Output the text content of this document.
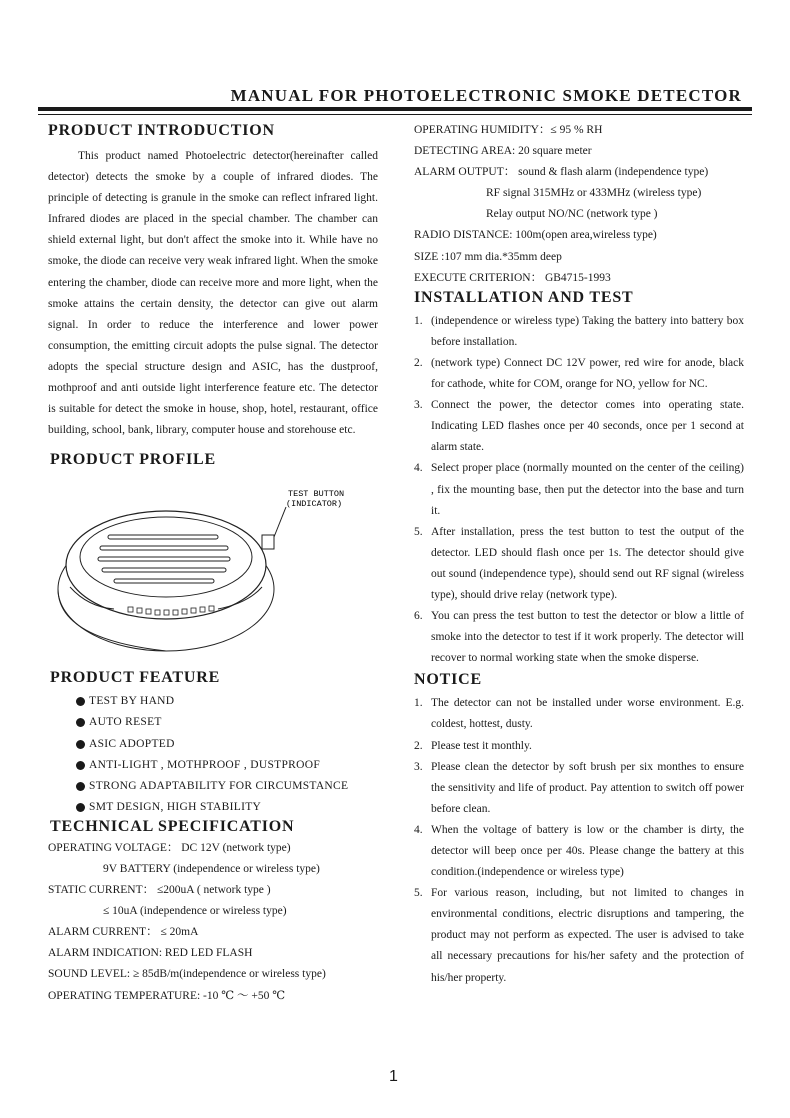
MANUAL FOR PHOTOELECTRONIC SMOKE DETECTOR
PRODUCT INTRODUCTION

This product named Photoelectric detector(hereinafter called detector) detects the smoke by a couple of infrared diodes. The principle of detecting is granule in the smoke can reflect infrared light. Infrared diodes are placed in the special chamber. The chamber can shield external light, but don't affect the smoke into it. While have no smoke, the diode can receive very weak infrared light. When the smoke entering the chamber, diode can receive more and more light, when the smoke attains the certain density, the detector can give out alarm signal. In order to reduce the interference and lower power consumption, the emitting circuit adopts the pulse signal. The detector adopts the special structure design and ASIC, has the dustproof, mothproof and anti outside light interference feature etc. The detector is suitable for detect the smoke in house, shop, hotel, restaurant, office building, school, bank, library, computer house and storehouse etc.

PRODUCT PROFILE
TEST BUTTON
(INDICATOR)
PRODUCT FEATURE
TEST BY HAND
AUTO RESET
ASIC ADOPTED
ANTI-LIGHT , MOTHPROOF , DUSTPROOF
STRONG ADAPTABILITY FOR CIRCUMSTANCE
SMT DESIGN, HIGH STABILITY
TECHNICAL SPECIFICATION
OPERATING VOLTAGE： DC 12V (network type)
9V BATTERY (independence or wireless type)
STATIC CURRENT： ≤200uA ( network type )
≤ 10uA (independence or wireless type)
ALARM CURRENT： ≤ 20mA
ALARM INDICATION: RED LED FLASH
SOUND LEVEL: ≥ 85dB/m(independence or wireless type)
OPERATING TEMPERATURE: -10 ℃ ～ +50 ℃
OPERATING HUMIDITY：≤ 95 % RH
DETECTING AREA: 20 square meter
ALARM OUTPUT： sound & flash alarm (independence type)
RF signal 315MHz or 433MHz (wireless type)
Relay output NO/NC (network type )
RADIO DISTANCE: 100m(open area,wireless type)
SIZE :107 mm dia.*35mm deep
EXECUTE CRITERION： GB4715-1993
INSTALLATION AND TEST
1. (independence or wireless type) Taking the battery into battery box before installation.
2. (network type) Connect DC 12V power, red wire for anode, black for cathode, white for COM, orange for NO, yellow for NC.
3. Connect the power, the detector comes into operating state. Indicating LED flashes once per 40 seconds, once per 1 second at alarm state.
4. Select proper place (normally mounted on the center of the ceiling) , fix the mounting base, then put the detector into the base and turn it.
5. After installation, press the test button to test the output of the detector. LED should flash once per 1s. The detector should give out sound (independence type), should send out RF signal (wireless type), should drive relay (network type).
6. You can press the test button to test the detector or blow a little of smoke into the detector to test if it work properly. The detector will recover to normal working state when the smoke disperse.
NOTICE
1. The detector can not be installed under worse environment. E.g. coldest, hottest, dusty.
2. Please test it monthly.
3. Please clean the detector by soft brush per six monthes to ensure the sensitivity and life of product. Pay attention to switch off power before clean.
4. When the voltage of battery is low or the chamber is dirty, the detector will beep once per 40s. Please change the battery at this condition.(independence or wireless type)
5. For various reason, including, but not limited to changes in environmental conditions, electric disruptions and tampering, the product may not perform as expected. The user is advised to take all necessary precautions for his/her safety and the protection of his/her property.
1
